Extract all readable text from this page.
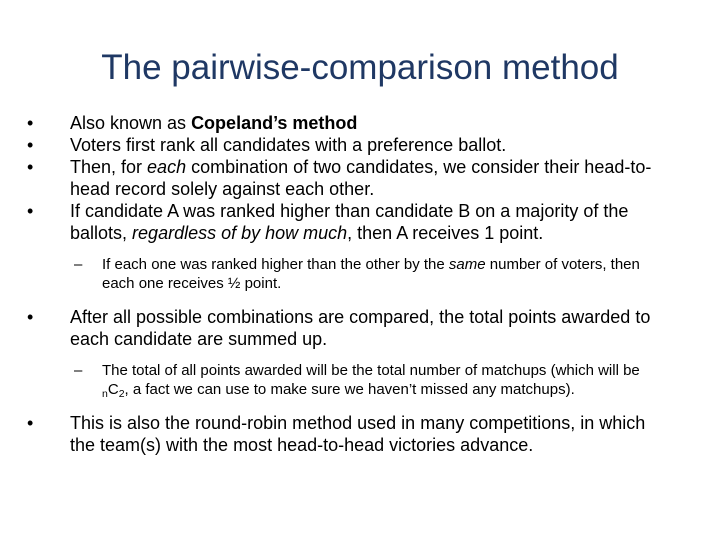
The pairwise-comparison method
•	Also known as Copeland’s method
•	Voters first rank all candidates with a preference ballot.
•	Then, for each combination of two candidates, we consider their head-to-head record solely against each other.
•	If candidate A was ranked higher than candidate B on a majority of the ballots, regardless of by how much, then A receives 1 point.
– If each one was ranked higher than the other by the same number of voters, then each one receives ½ point.
•	After all possible combinations are compared, the total points awarded to each candidate are summed up.
– The total of all points awarded will be the total number of matchups (which will be $_nC_2$, a fact we can use to make sure we haven’t missed any matchups).
•	This is also the round-robin method used in many competitions, in which the team(s) with the most head-to-head victories advance.
